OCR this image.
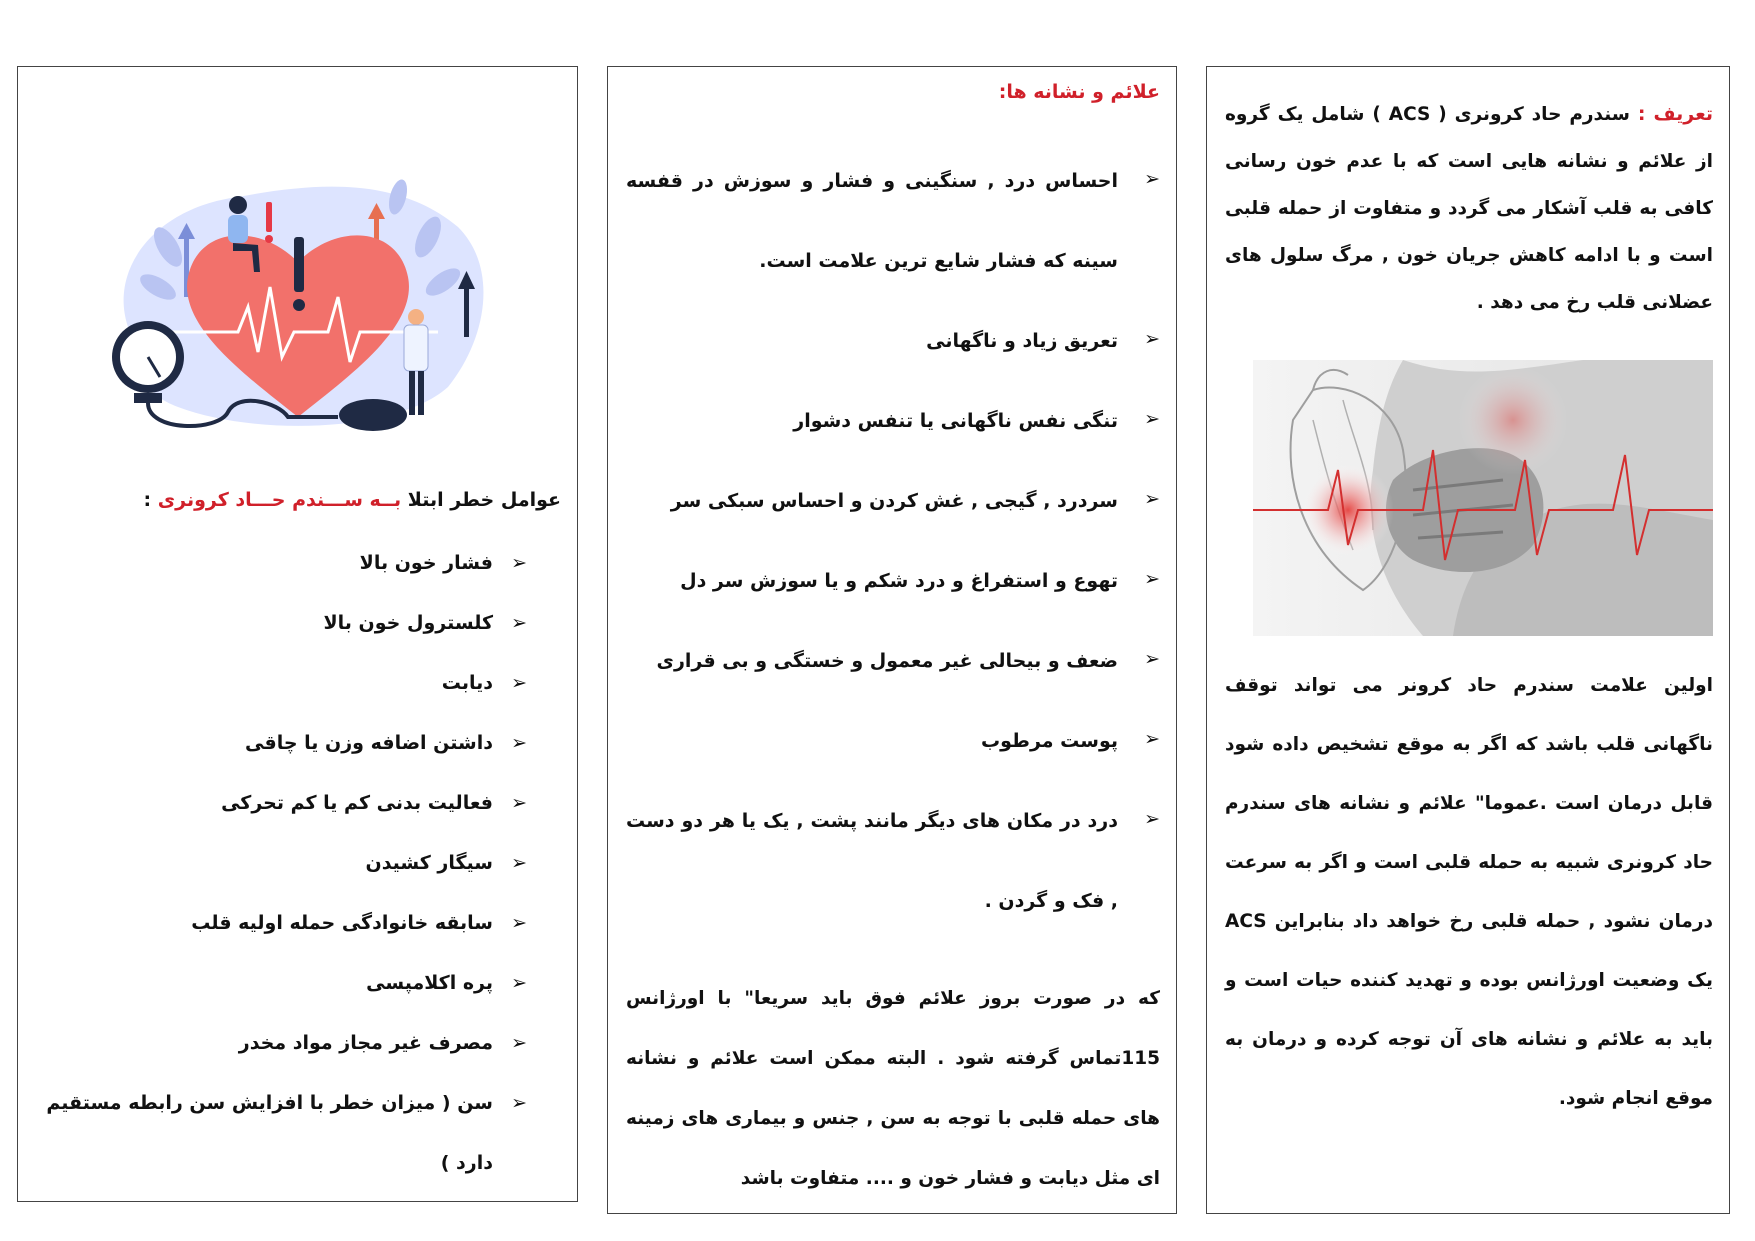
تعریف : سندرم حاد کرونری ( ACS ) شامل یک گروه از علائم و نشانه هایی است که با عدم خون رسانی کافی به قلب آشکار می گردد و متفاوت از حمله قلبی است و با ادامه کاهش جریان خون , مرگ سلول های عضلانی قلب رخ می دهد .

اولین علامت سندرم حاد کرونر می تواند توقف ناگهانی قلب باشد که اگر به موقع تشخیص داده شود قابل درمان است .عموما" علائم و نشانه های سندرم حاد کرونری شبیه به حمله قلبی است و اگر به سرعت درمان نشود , حمله قلبی رخ خواهد داد بنابراین ACS یک وضعیت اورژانس بوده و تهدید کننده حیات است و باید به علائم و نشانه های آن توجه کرده و درمان به موقع انجام شود.

علائم و نشانه ها:
➢
احساس درد , سنگینی و فشار و سوزش در قفسه سینه که فشار شایع ترین علامت است.
➢
تعریق زیاد و ناگهانی
➢
تنگی نفس ناگهانی یا تنفس دشوار
➢
سردرد , گیجی , غش کردن و احساس سبکی سر
➢
تهوع و استفراغ و درد شکم و یا سوزش سر دل
➢
ضعف و بیحالی غیر معمول و خستگی و بی قراری
➢
پوست مرطوب
➢
درد در مکان های دیگر مانند پشت , یک یا هر دو دست , فک و گردن .

که در صورت بروز علائم فوق باید سریعا" با اورژانس 115تماس گرفته شود . البته ممکن است علائم و نشانه های حمله قلبی با توجه به سن , جنس و بیماری های زمینه ای مثل دیابت و فشار خون و .... متفاوت باشد

عوامل خطر ابتلا بــه ســـندم حـــاد کرونری :
➢
فشار خون بالا
➢
کلسترول خون بالا
➢
دیابت
➢
داشتن اضافه وزن یا چاقی
➢
فعالیت بدنی کم یا کم تحرکی
➢
سیگار کشیدن
➢
سابقه خانوادگی حمله اولیه قلب
➢
پره اکلامپسی
➢
مصرف غیر مجاز مواد مخدر
➢
سن ( میزان خطر با افزایش سن رابطه مستقیم دارد )
